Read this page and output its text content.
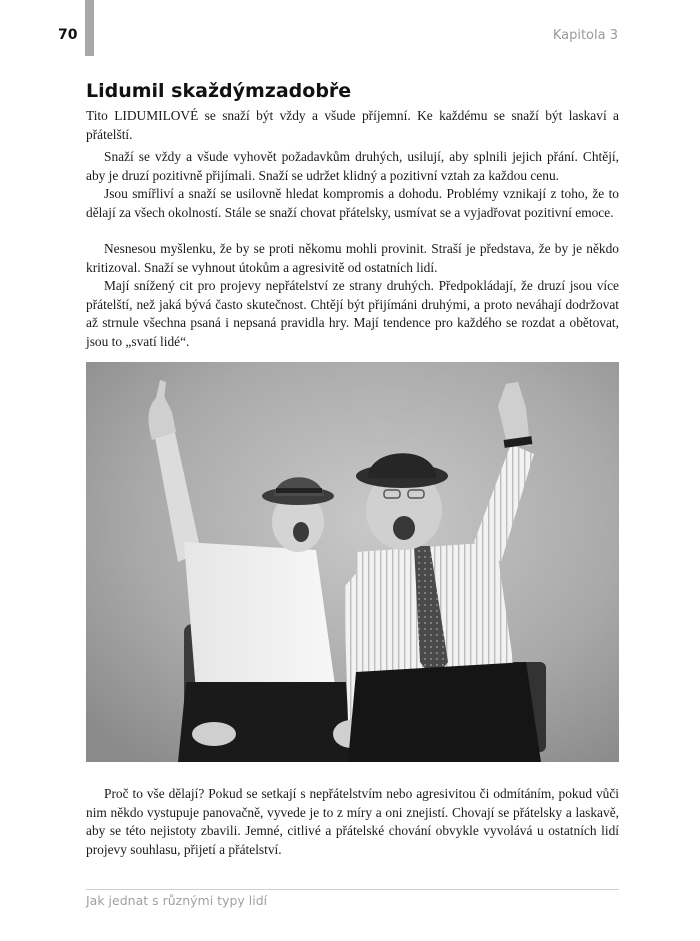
70	Kapitola 3
Lidumil skaždýmzadobře

Tito LIDUMILOVÉ se snaží být vždy a všude příjemní. Ke každému se snaží být laskaví a přátelští.

Snaží se vždy a všude vyhovět požadavkům druhých, usilují, aby splnili jejich přání. Chtějí, aby je druzí pozitivně přijímali. Snaží se udržet klidný a pozitivní vztah za každou cenu.

Jsou smířliví a snaží se usilovně hledat kompromis a dohodu. Problémy vznikají z toho, že to dělají za všech okolností. Stále se snaží chovat přátelsky, usmívat se a vyjadřovat pozitivní emoce.

Nesnesou myšlenku, že by se proti někomu mohli provinit. Straší je představa, že by je někdo kritizoval. Snaží se vyhnout útokům a agresivitě od ostatních lidí.

Mají snížený cit pro projevy nepřátelství ze strany druhých. Předpokládají, že druzí jsou více přátelští, než jaká bývá často skutečnost. Chtějí být přijímáni druhými, a proto neváhají dodržovat až strnule všechna psaná i nepsaná pravidla hry. Mají tendence pro každého se rozdat a obětovat, jsou to „svatí lidé“.

Proč to vše dělají? Pokud se setkají s nepřátelstvím nebo agresivitou či odmítáním, pokud vůči nim někdo vystupuje panovačně, vyvede je to z míry a oni znejistí. Chovají se přátelsky a laskavě, aby se této nejistoty zbavili. Jemné, citlivé a přátelské chování obvykle vyvolává u ostatních lidí projevy souhlasu, přijetí a přátelství.

Jak jednat s různými typy lidí
